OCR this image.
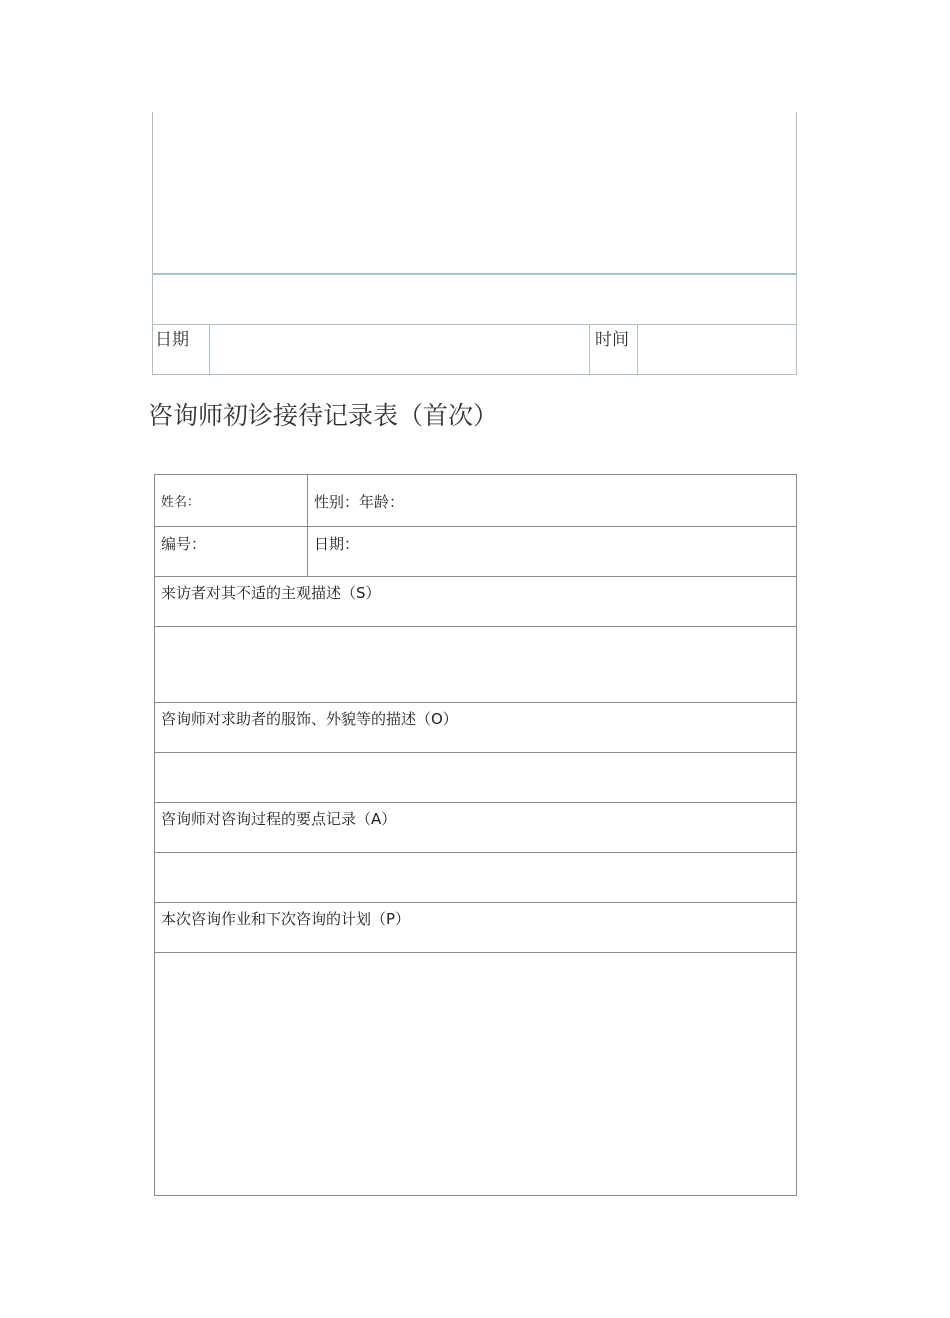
日期	时间
咨询师初诊接待记录表（首次）
姓名：	性别：年龄：
编号：	日期：
来访者对其不适的主观描述（S）
咨询师对求助者的服饰、外貌等的描述（O）
咨询师对咨询过程的要点记录（A）
本次咨询作业和下次咨询的计划（P）
